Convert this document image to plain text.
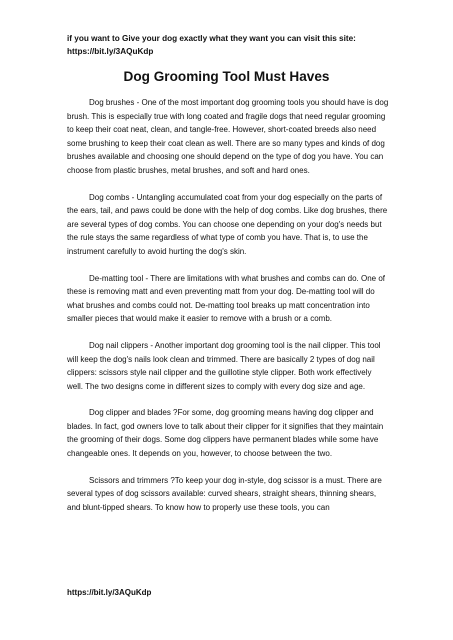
if you want to Give your dog exactly what they want you can visit this site:
https://bit.ly/3AQuKdp
Dog Grooming Tool Must Haves

Dog brushes - One of the most important dog grooming tools you should have is dog brush. This is especially true with long coated and fragile dogs that need regular grooming to keep their coat neat, clean, and tangle-free. However, short-coated breeds also need some brushing to keep their coat clean as well. There are so many types and kinds of dog brushes available and choosing one should depend on the type of dog you have. You can choose from plastic brushes, metal brushes, and soft and hard ones.

Dog combs - Untangling accumulated coat from your dog especially on the parts of the ears, tail, and paws could be done with the help of dog combs. Like dog brushes, there are several types of dog combs. You can choose one depending on your dog's needs but the rule stays the same regardless of what type of comb you have. That is, to use the instrument carefully to avoid hurting the dog's skin.

De-matting tool - There are limitations with what brushes and combs can do. One of these is removing matt and even preventing matt from your dog. De-matting tool will do what brushes and combs could not. De-matting tool breaks up matt concentration into smaller pieces that would make it easier to remove with a brush or a comb.

Dog nail clippers - Another important dog grooming tool is the nail clipper. This tool will keep the dog's nails look clean and trimmed. There are basically 2 types of dog nail clippers: scissors style nail clipper and the guillotine style clipper. Both work effectively well. The two designs come in different sizes to comply with every dog size and age.

Dog clipper and blades ?For some, dog grooming means having dog clipper and blades. In fact, god owners love to talk about their clipper for it signifies that they maintain the grooming of their dogs. Some dog clippers have permanent blades while some have changeable ones. It depends on you, however, to choose between the two.

Scissors and trimmers ?To keep your dog in-style, dog scissor is a must. There are several types of dog scissors available: curved shears, straight shears, thinning shears, and blunt-tipped shears. To know how to properly use these tools, you can

https://bit.ly/3AQuKdp
